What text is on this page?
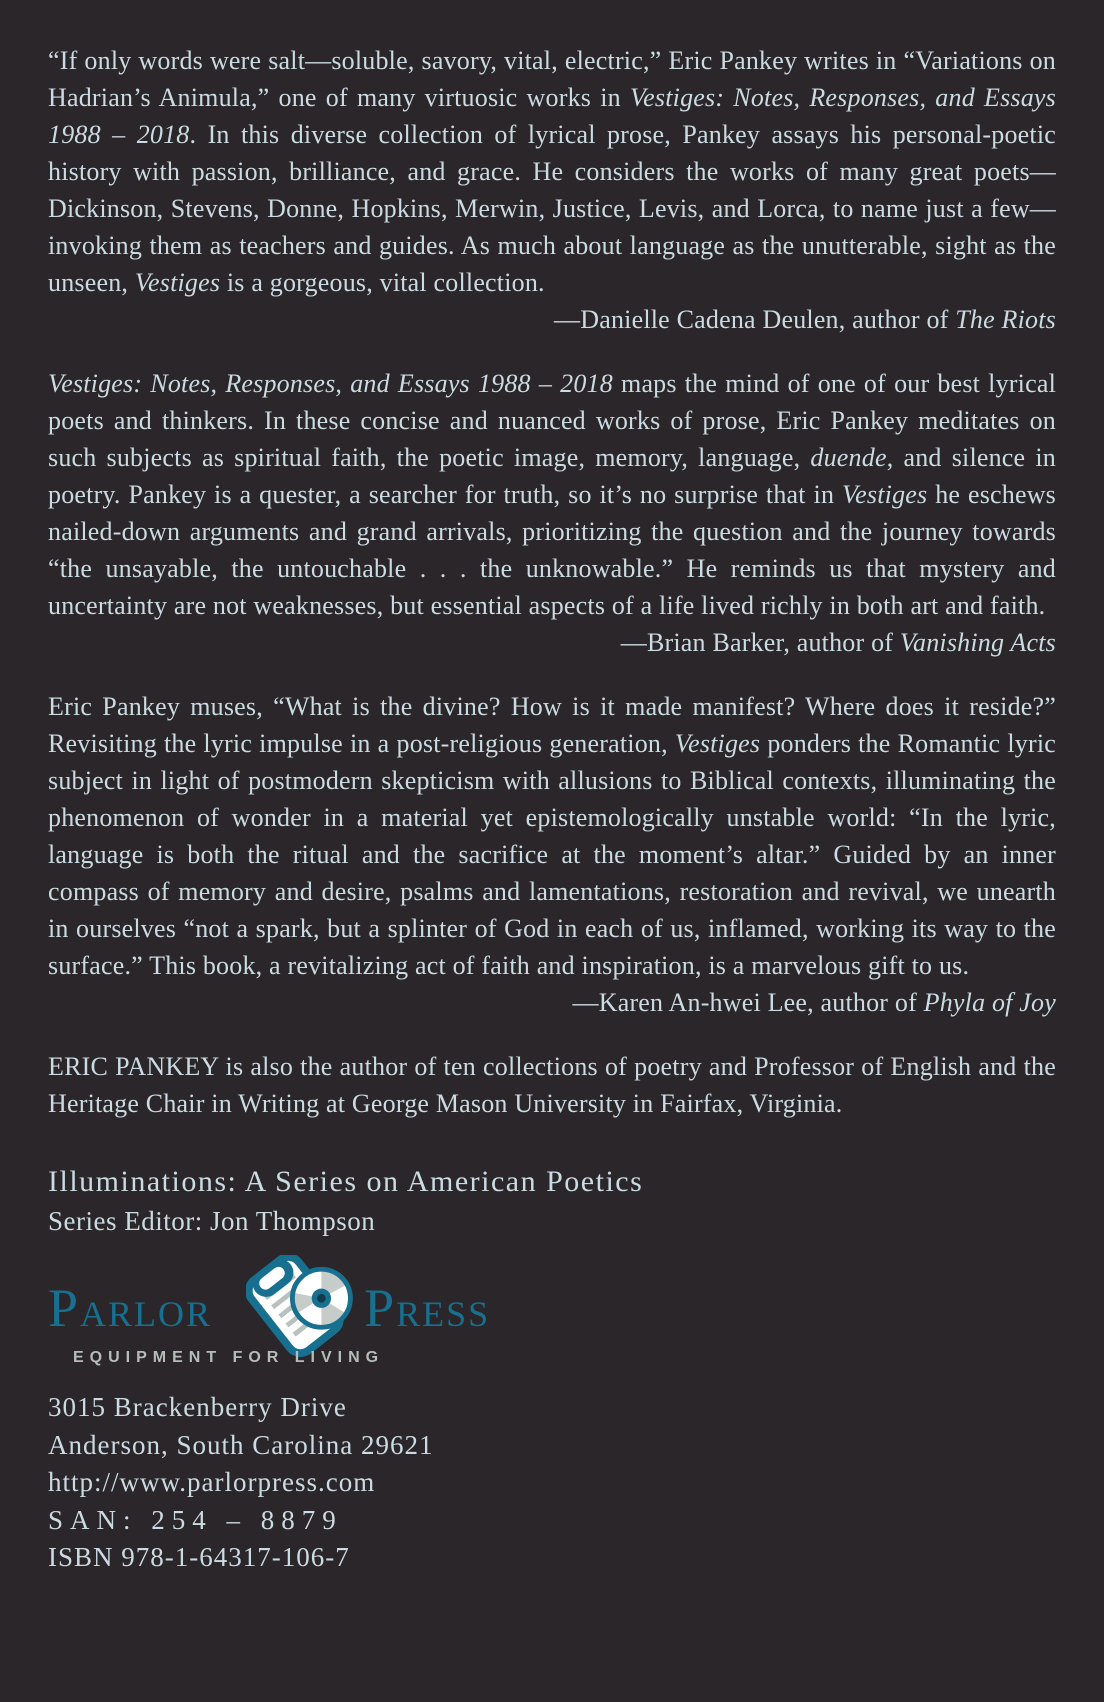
“If only words were salt—soluble, savory, vital, electric,” Eric Pankey writes in “Variations on Hadrian’s Animula,” one of many virtuosic works in Vestiges: Notes, Responses, and Essays 1988 – 2018. In this diverse collection of lyrical prose, Pankey assays his personal-poetic history with passion, brilliance, and grace. He considers the works of many great poets—Dickinson, Stevens, Donne, Hopkins, Merwin, Justice, Levis, and Lorca, to name just a few—invoking them as teachers and guides. As much about language as the unutterable, sight as the unseen, Vestiges is a gorgeous, vital collection.
—Danielle Cadena Deulen, author of The Riots
Vestiges: Notes, Responses, and Essays 1988 – 2018 maps the mind of one of our best lyrical poets and thinkers. In these concise and nuanced works of prose, Eric Pankey meditates on such subjects as spiritual faith, the poetic image, memory, language, duende, and silence in poetry. Pankey is a quester, a searcher for truth, so it’s no surprise that in Vestiges he eschews nailed-down arguments and grand arrivals, prioritizing the question and the journey towards “the unsayable, the untouchable . . . the unknowable.” He reminds us that mystery and uncertainty are not weaknesses, but essential aspects of a life lived richly in both art and faith.
—Brian Barker, author of Vanishing Acts
Eric Pankey muses, “What is the divine? How is it made manifest? Where does it reside?” Revisiting the lyric impulse in a post-religious generation, Vestiges ponders the Romantic lyric subject in light of postmodern skepticism with allusions to Biblical contexts, illuminating the phenomenon of wonder in a material yet epistemologically unstable world: “In the lyric, language is both the ritual and the sacrifice at the moment’s altar.” Guided by an inner compass of memory and desire, psalms and lamentations, restoration and revival, we unearth in ourselves “not a spark, but a splinter of God in each of us, inflamed, working its way to the surface.” This book, a revitalizing act of faith and inspiration, is a marvelous gift to us.
—Karen An-hwei Lee, author of Phyla of Joy
ERIC PANKEY is also the author of ten collections of poetry and Professor of English and the Heritage Chair in Writing at George Mason University in Fairfax, Virginia.
Illuminations: A Series on American Poetics
Series Editor: Jon Thompson
PARLOR	PRESS
EQUIPMENT FOR LIVING
3015 Brackenberry Drive
Anderson, South Carolina 29621
http://www.parlorpress.com
SAN: 254 – 8879
ISBN 978-1-64317-106-7
